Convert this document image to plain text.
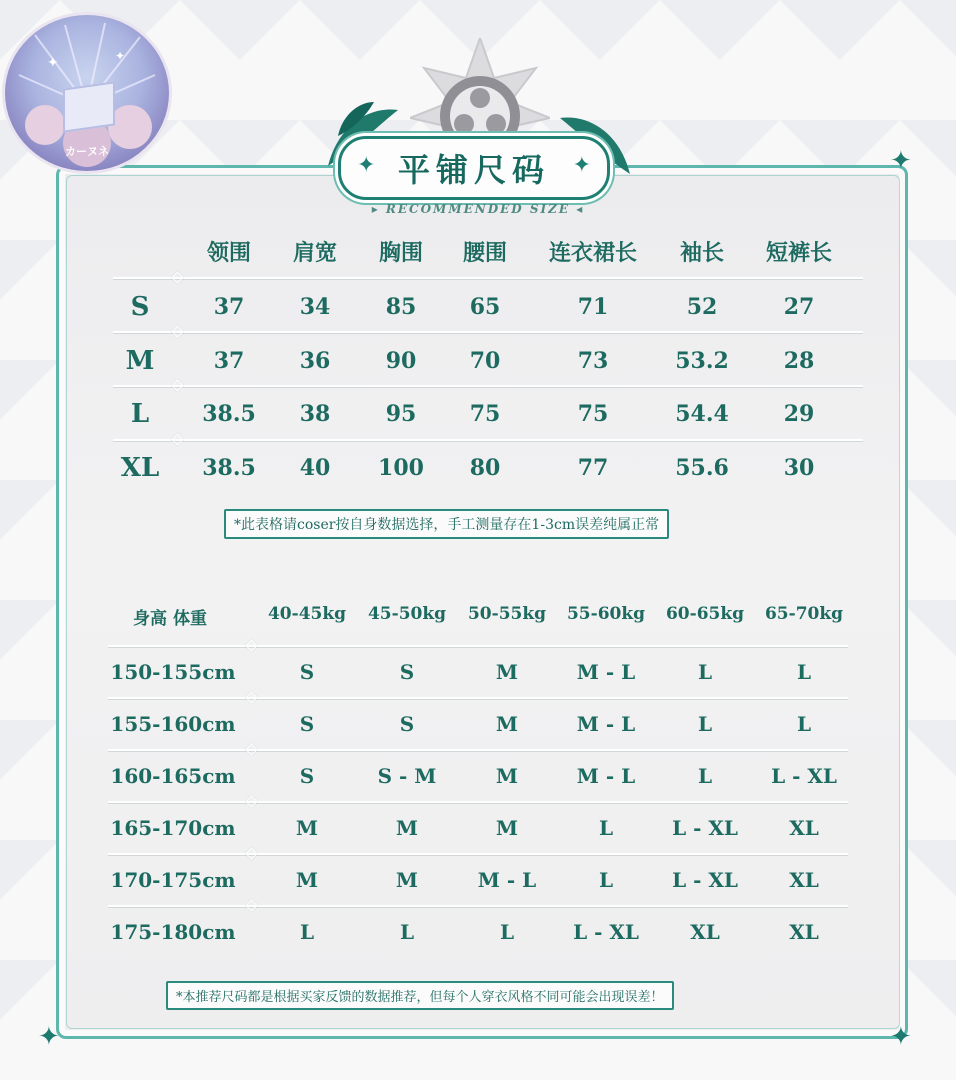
✦
✦	✦
✦	✦
カーヌネ
✦ 平铺尺码 ✦
▸ RECOMMENDED SIZE ◂
领围 肩宽 胸围 腰围 连衣裙长 袖长 短裤长
S	37	34	85 65	71	52	27
M	37	36	90 70	73	53.2 28
L 38.5 38	95 75	75	54.4 29
XL 38.5 40 100 80	77	55.6 30
*此表格请coser按自身数据选择，手工测量存在1-3cm误差纯属正常
身高 体重	40-45kg 45-50kg 50-55kg 55-60kg 60-65kg 65-70kg
150-155cm	S	S	M	M - L	L	L
155-160cm	S	S	M	M - L	L	L
160-165cm	S	S - M	M	M - L	L	L - XL
165-170cm	M	M	M	L	L - XL	XL
170-175cm	M	M	M - L	L	L - XL	XL
175-180cm	L	L	L	L - XL	XL	XL
*本推荐尺码都是根据买家反馈的数据推荐，但每个人穿衣风格不同可能会出现误差！
